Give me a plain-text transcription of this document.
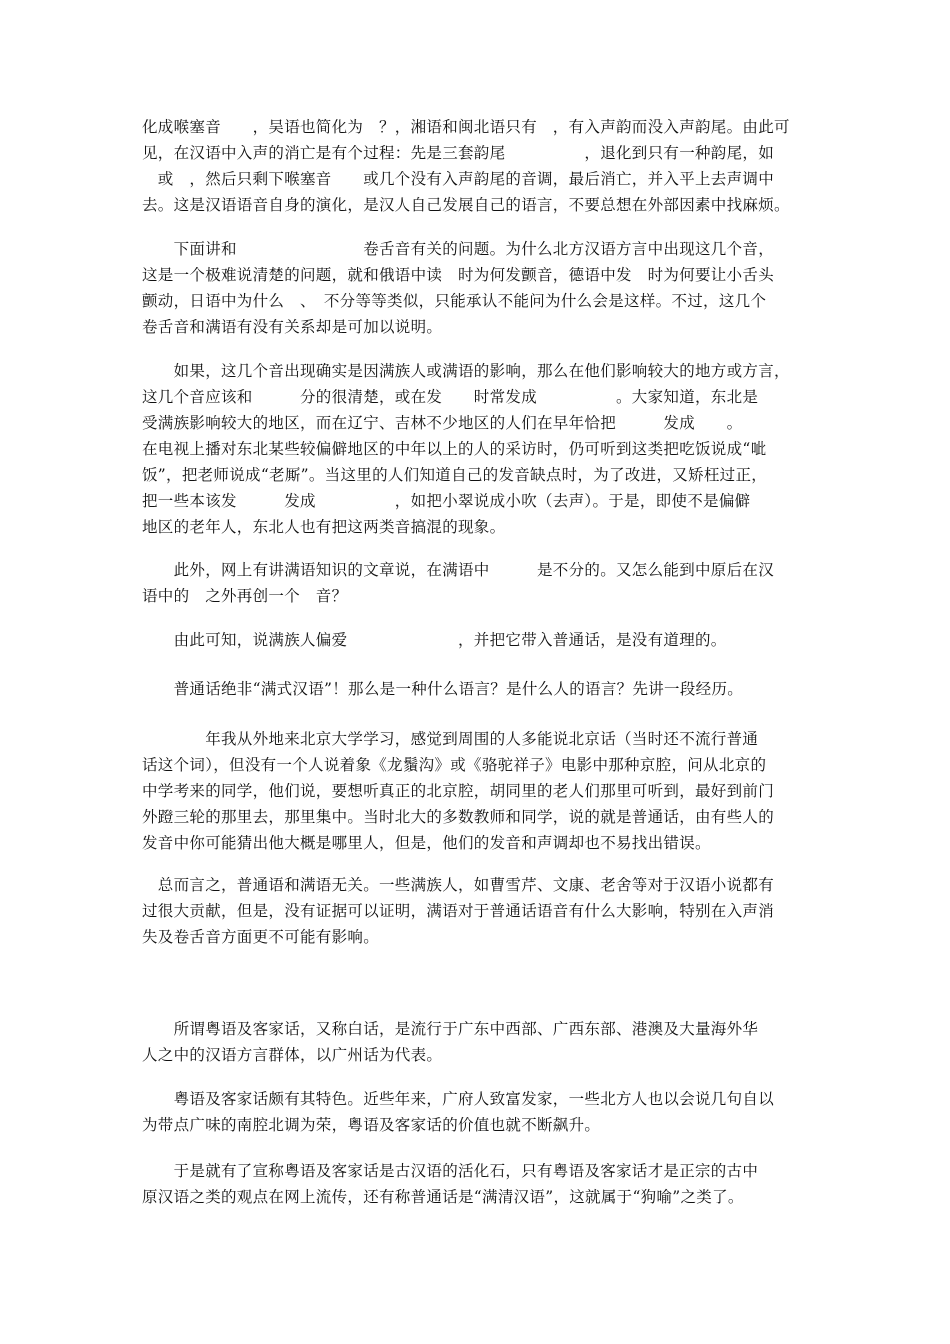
化成喉塞音　　，吴语也简化为　？，湘语和闽北语只有　，有入声韵而没入声韵尾。由此可
见，在汉语中入声的消亡是有个过程：先是三套韵尾　　　　　，退化到只有一种韵尾，如
　或　，然后只剩下喉塞音　　或几个没有入声韵尾的音调，最后消亡，并入平上去声调中
去。这是汉语语音自身的演化，是汉人自己发展自己的语言，不要总想在外部因素中找麻烦。

　　下面讲和　　　　　　　　卷舌音有关的问题。为什么北方汉语方言中出现这几个音，
这是一个极难说清楚的问题，就和俄语中读　时为何发颤音，德语中发　时为何要让小舌头
颤动，日语中为什么　、　不分等等类似，只能承认不能问为什么会是这样。不过，这几个
卷舌音和满语有没有关系却是可加以说明。

　　如果，这几个音出现确实是因满族人或满语的影响，那么在他们影响较大的地方或方言，
这几个音应该和　　　分的很清楚，或在发　　时常发成　　　　　。大家知道，东北是
受满族影响较大的地区，而在辽宁、吉林不少地区的人们在早年恰把　　　发成　　。
在电视上播对东北某些较偏僻地区的中年以上的人的采访时，仍可听到这类把吃饭说成“呲
饭”，把老师说成“老厮”。当这里的人们知道自己的发音缺点时，为了改进，又矫枉过正，
把一些本该发　　　发成　　　　　，如把小翠说成小吹（去声）。于是，即使不是偏僻
地区的老年人，东北人也有把这两类音搞混的现象。

　　此外，网上有讲满语知识的文章说，在满语中　　　是不分的。又怎么能到中原后在汉
语中的　之外再创一个　音？

　　由此可知，说满族人偏爱　　　　　　　，并把它带入普通话，是没有道理的。

　　普通话绝非“满式汉语”！那么是一种什么语言？是什么人的语言？先讲一段经历。

　　　　年我从外地来北京大学学习，感觉到周围的人多能说北京话（当时还不流行普通
话这个词），但没有一个人说着象《龙鬚沟》或《骆驼祥子》电影中那种京腔，问从北京的
中学考来的同学，他们说，要想听真正的北京腔，胡同里的老人们那里可听到，最好到前门
外蹬三轮的那里去，那里集中。当时北大的多数教师和同学，说的就是普通话，由有些人的
发音中你可能猜出他大概是哪里人，但是，他们的发音和声调却也不易找出错误。

　总而言之，普通语和满语无关。一些满族人，如曹雪芹、文康、老舍等对于汉语小说都有
过很大贡献，但是，没有证据可以证明，满语对于普通话语音有什么大影响，特别在入声消
失及卷舌音方面更不可能有影响。

　　所谓粤语及客家话，又称白话，是流行于广东中西部、广西东部、港澳及大量海外华
人之中的汉语方言群体，以广州话为代表。

　　粤语及客家话颇有其特色。近些年来，广府人致富发家，一些北方人也以会说几句自以
为带点广味的南腔北调为荣，粤语及客家话的价值也就不断飙升。

　　于是就有了宣称粤语及客家话是古汉语的活化石，只有粤语及客家话才是正宗的古中
原汉语之类的观点在网上流传，还有称普通话是“满清汉语”，这就属于“狗喻”之类了。
